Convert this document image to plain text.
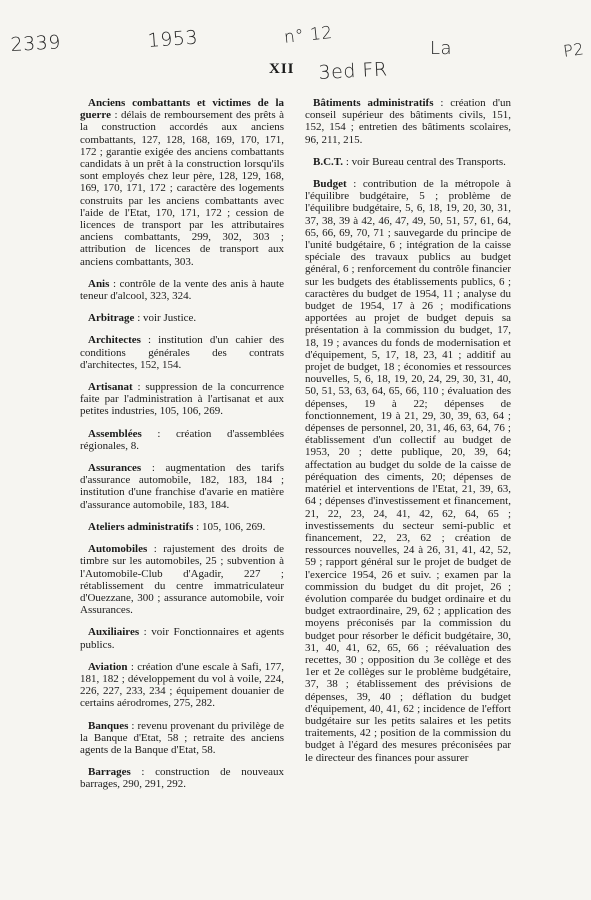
2339	1953	n° 12
La	P2
3ed FR
XII

Anciens combattants et victimes de la guerre : délais de remboursement des prêts à la construction accordés aux anciens combattants, 127, 128, 168, 169, 170, 171, 172 ; garantie exigée des anciens combattants candidats à un prêt à la construction lorsqu'ils sont employés chez leur père, 128, 129, 168, 169, 170, 171, 172 ; caractère des logements construits par les anciens combattants avec l'aide de l'Etat, 170, 171, 172 ; cession de licences de transport par les attributaires anciens combattants, 299, 302, 303 ; attribution de licences de transport aux anciens combattants, 303.

Anis : contrôle de la vente des anis à haute teneur d'alcool, 323, 324.

Arbitrage : voir Justice.

Architectes : institution d'un cahier des conditions générales des contrats d'architectes, 152, 154.

Artisanat : suppression de la concurrence faite par l'administration à l'artisanat et aux petites industries, 105, 106, 269.

Assemblées : création d'assemblées régionales, 8.

Assurances : augmentation des tarifs d'assurance automobile, 182, 183, 184 ; institution d'une franchise d'avarie en matière d'assurance automobile, 183, 184.

Ateliers administratifs : 105, 106, 269.

Automobiles : rajustement des droits de timbre sur les automobiles, 25 ; subvention à l'Automobile-Club d'Agadir, 227 ; rétablissement du centre immatriculateur d'Ouezzane, 300 ; assurance automobile, voir Assurances.

Auxiliaires : voir Fonctionnaires et agents publics.

Aviation : création d'une escale à Safi, 177, 181, 182 ; développement du vol à voile, 224, 226, 227, 233, 234 ; équipement douanier de certains aérodromes, 275, 282.

Banques : revenu provenant du privilège de la Banque d'Etat, 58 ; retraite des anciens agents de la Banque d'Etat, 58.

Barrages : construction de nouveaux barrages, 290, 291, 292.

Bâtiments administratifs : création d'un conseil supérieur des bâtiments civils, 151, 152, 154 ; entretien des bâtiments scolaires, 96, 211, 215.

B.C.T. : voir Bureau central des Transports.

Budget : contribution de la métropole à l'équilibre budgétaire, 5 ; problème de l'équilibre budgétaire, 5, 6, 18, 19, 20, 30, 31, 37, 38, 39 à 42, 46, 47, 49, 50, 51, 57, 61, 64, 65, 66, 69, 70, 71 ; sauvegarde du principe de l'unité budgétaire, 6 ; intégration de la caisse spéciale des travaux publics au budget général, 6 ; renforcement du contrôle financier sur les budgets des établissements publics, 6 ; caractères du budget de 1954, 11 ; analyse du budget de 1954, 17 à 26 ; modifications apportées au projet de budget depuis sa présentation à la commission du budget, 17, 18, 19 ; avances du fonds de modernisation et d'équipement, 5, 17, 18, 23, 41 ; additif au projet de budget, 18 ; économies et ressources nouvelles, 5, 6, 18, 19, 20, 24, 29, 30, 31, 40, 50, 51, 53, 63, 64, 65, 66, 110 ; évaluation des dépenses, 19 à 22; dépenses de fonctionnement, 19 à 21, 29, 30, 39, 63, 64 ; dépenses de personnel, 20, 31, 46, 63, 64, 76 ; établissement d'un collectif au budget de 1953, 20 ; dette publique, 20, 39, 64; affectation au budget du solde de la caisse de péréquation des ciments, 20; dépenses de matériel et interventions de l'Etat, 21, 39, 63, 64 ; dépenses d'investissement et financement, 21, 22, 23, 24, 41, 42, 62, 64, 65 ; investissements du secteur semi-public et financement, 22, 23, 62 ; création de ressources nouvelles, 24 à 26, 31, 41, 42, 52, 59 ; rapport général sur le projet de budget de l'exercice 1954, 26 et suiv. ; examen par la commission du budget du dit projet, 26 ; évolution comparée du budget ordinaire et du budget extraordinaire, 29, 62 ; application des moyens préconisés par la commission du budget pour résorber le déficit budgétaire, 30, 31, 40, 41, 62, 65, 66 ; réévaluation des recettes, 30 ; opposition du 3e collège et des 1er et 2e collèges sur le problème budgétaire, 37, 38 ; établissement des prévisions de dépenses, 39, 40 ; déflation du budget d'équipement, 40, 41, 62 ; incidence de l'effort budgétaire sur les petits salaires et les petits traitements, 42 ; position de la commission du budget à l'égard des mesures préconisées par le directeur des finances pour assurer
